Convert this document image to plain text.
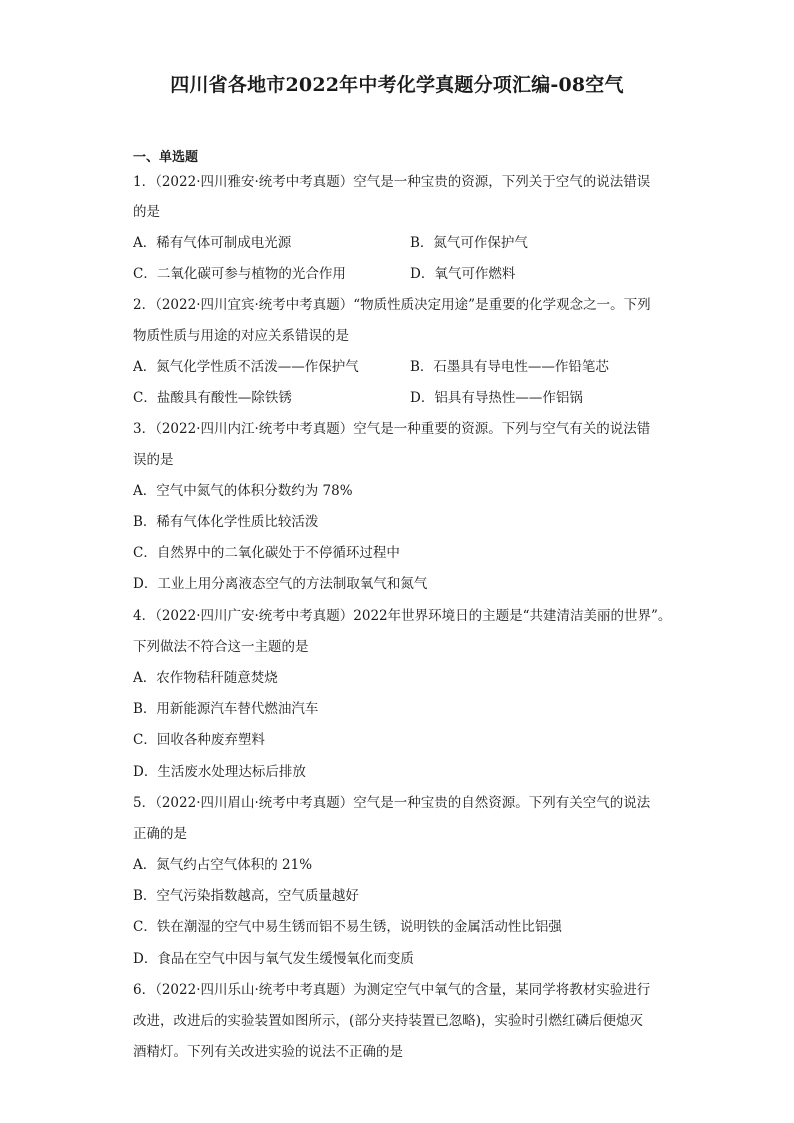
四川省各地市2022年中考化学真题分项汇编-08空气
一、单选题
1．（2022·四川雅安·统考中考真题）空气是一种宝贵的资源，下列关于空气的说法错误
的是
A．稀有气体可制成电光源	B．氮气可作保护气
C．二氧化碳可参与植物的光合作用	D．氧气可作燃料
2．（2022·四川宜宾·统考中考真题）“物质性质决定用途”是重要的化学观念之一。下列
物质性质与用途的对应关系错误的是
A．氮气化学性质不活泼——作保护气	B．石墨具有导电性——作铅笔芯
C．盐酸具有酸性—除铁锈	D．铝具有导热性——作铝锅
3．（2022·四川内江·统考中考真题）空气是一种重要的资源。下列与空气有关的说法错
误的是
A．空气中氮气的体积分数约为 78%
B．稀有气体化学性质比较活泼
C．自然界中的二氧化碳处于不停循环过程中
D．工业上用分离液态空气的方法制取氧气和氮气
4．（2022·四川广安·统考中考真题）2022年世界环境日的主题是“共建清洁美丽的世界”。
下列做法不符合这一主题的是
A．农作物秸秆随意焚烧
B．用新能源汽车替代燃油汽车
C．回收各种废弃塑料
D．生活废水处理达标后排放
5．（2022·四川眉山·统考中考真题）空气是一种宝贵的自然资源。下列有关空气的说法
正确的是
A．氮气约占空气体积的 21%
B．空气污染指数越高，空气质量越好
C．铁在潮湿的空气中易生锈而铝不易生锈，说明铁的金属活动性比铝强
D．食品在空气中因与氧气发生缓慢氧化而变质
6．（2022·四川乐山·统考中考真题）为测定空气中氧气的含量，某同学将教材实验进行
改进，改进后的实验装置如图所示，(部分夹持装置已忽略)，实验时引燃红磷后便熄灭
酒精灯。下列有关改进实验的说法不正确的是
